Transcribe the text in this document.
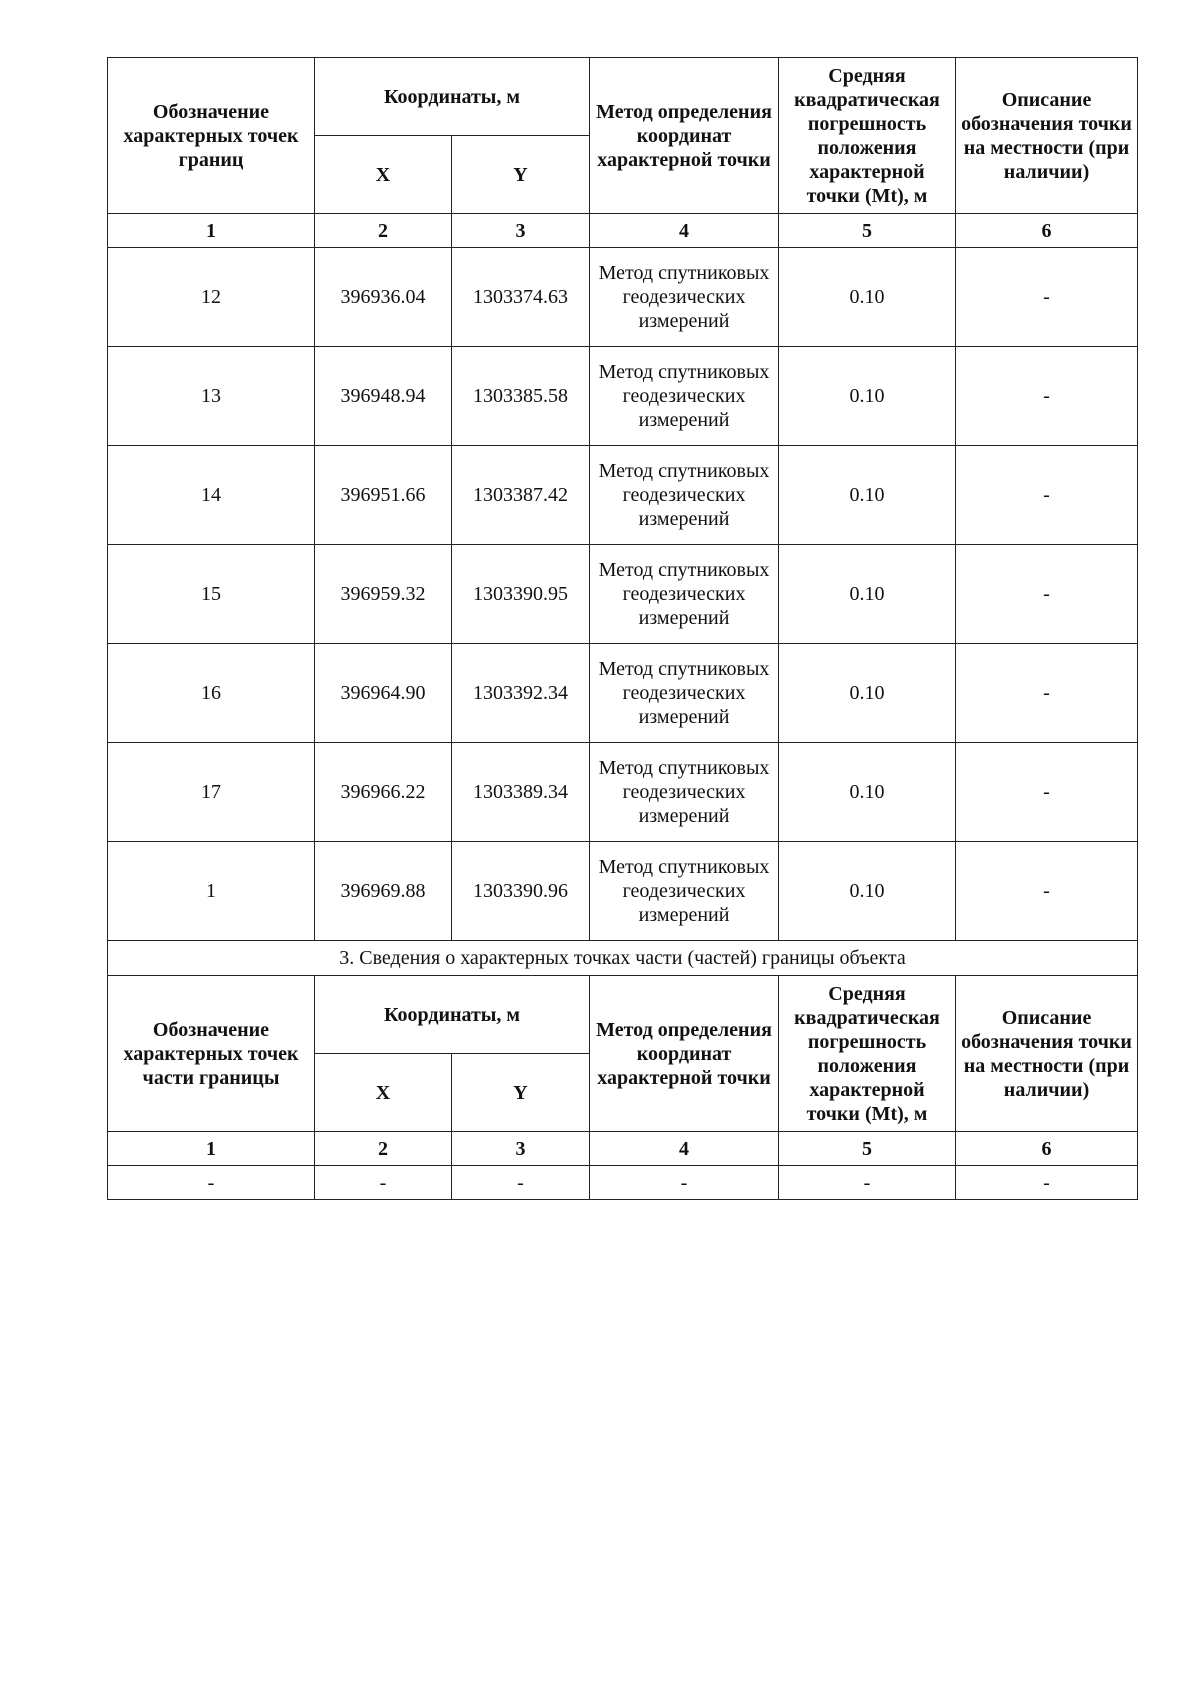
Обозначение характерных точек границ	Координаты, м		Метод определения координат характерной точки	Средняя квадратическая погрешность положения характерной точки (Mt), м	Описание обозначения точки на местности (при наличии)
	X	Y			
1	2	3	4	5	6
12	396936.04	1303374.63	Метод спутниковых геодезических измерений	0.10	-
13	396948.94	1303385.58	Метод спутниковых геодезических измерений	0.10	-
14	396951.66	1303387.42	Метод спутниковых геодезических измерений	0.10	-
15	396959.32	1303390.95	Метод спутниковых геодезических измерений	0.10	-
16	396964.90	1303392.34	Метод спутниковых геодезических измерений	0.10	-
17	396966.22	1303389.34	Метод спутниковых геодезических измерений	0.10	-
1	396969.88	1303390.96	Метод спутниковых геодезических измерений	0.10	-
3. Сведения о характерных точках части (частей) границы объекта					
Обозначение характерных точек части границы	Координаты, м		Метод определения координат характерной точки	Средняя квадратическая погрешность положения характерной точки (Mt), м	Описание обозначения точки на местности (при наличии)
	X	Y			
1	2	3	4	5	6
-	-	-	-	-	-
